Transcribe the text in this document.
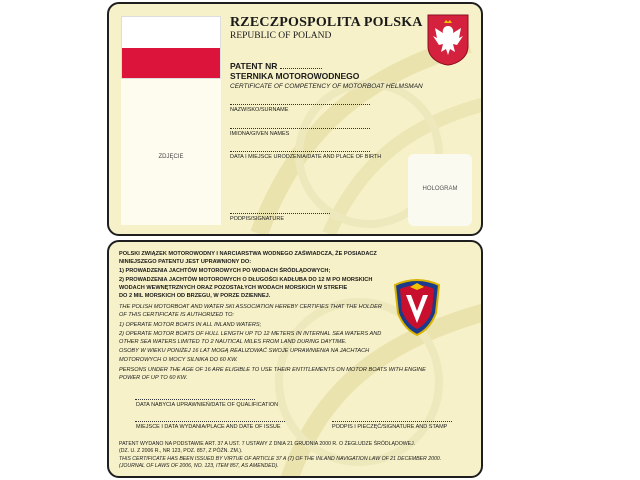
ZDJĘCIE
RZECZPOSPOLITA POLSKA
REPUBLIC OF POLAND
PATENT NR
STERNIKA MOTOROWODNEGO
CERTIFICATE OF COMPETENCY OF MOTORBOAT HELMSMAN
NAZWISKO/SURNAME
IMIONA/GIVEN NAMES
DATA I MIEJSCE URODZENIA/DATE AND PLACE OF BIRTH
PODPIS/SIGNATURE
HOLOGRAM
POLSKI ZWIĄZEK MOTOROWODNY I NARCIARSTWA WODNEGO ZAŚWIADCZA, ŻE POSIADACZ
NINIEJSZEGO PATENTU JEST UPRAWNIONY DO:
1) PROWADZENIA JACHTÓW MOTOROWYCH PO WODACH ŚRÓDLĄDOWYCH;
2) PROWADZENIA JACHTÓW MOTOROWYCH O DŁUGOŚCI KADŁUBA DO 12 M PO MORSKICH
WODACH WEWNĘTRZNYCH ORAZ POZOSTAŁYCH WODACH MORSKICH W STREFIE
DO 2 MIL MORSKICH OD BRZEGU, W PORZE DZIENNEJ.
THE POLISH MOTORBOAT AND WATER SKI ASSOCIATION HEREBY CERTIFIES THAT THE HOLDER
OF THIS CERTIFICATE IS AUTHORIZED TO:
1) OPERATE MOTOR BOATS IN ALL INLAND WATERS;
2) OPERATE MOTOR BOATS OF HULL LENGTH UP TO 12 METERS IN INTERNAL SEA WATERS AND
OTHER SEA WATERS LIMITED TO 2 NAUTICAL MILES FROM LAND DURING DAYTIME.
OSOBY W WIEKU PONIŻEJ 16 LAT MOGĄ REALIZOWAĆ SWOJE UPRAWNIENIA NA JACHTACH
MOTOROWYCH O MOCY SILNIKA DO 60 KW.
PERSONS UNDER THE AGE OF 16 ARE ELIGIBLE TO USE THEIR ENTITLEMENTS ON MOTOR BOATS WITH ENGINE
POWER OF UP TO 60 KW.
DATA NABYCIA UPRAWNIEŃ/DATE OF QUALIFICATION
MIEJSCE I DATA WYDANIA/PLACE AND DATE OF ISSUE	PODPIS I PIECZĘĆ/SIGNATURE AND STAMP
PATENT WYDANO NA PODSTAWIE ART. 37 A UST. 7 USTAWY Z DNIA 21 GRUDNIA 2000 R. O ŻEGLUDZE ŚRÓDLĄDOWEJ.
(DZ. U. Z 2006 R., NR 123, POZ. 857, Z PÓŹN. ZM.).
THIS CERTIFICATE HAS BEEN ISSUED BY VIRTUE OF ARTICLE 37 A (7) OF THE INLAND NAVIGATION LAW OF 21 DECEMBER 2000.
(JOURNAL OF LAWS OF 2006, NO. 123, ITEM 857, AS AMENDED).
